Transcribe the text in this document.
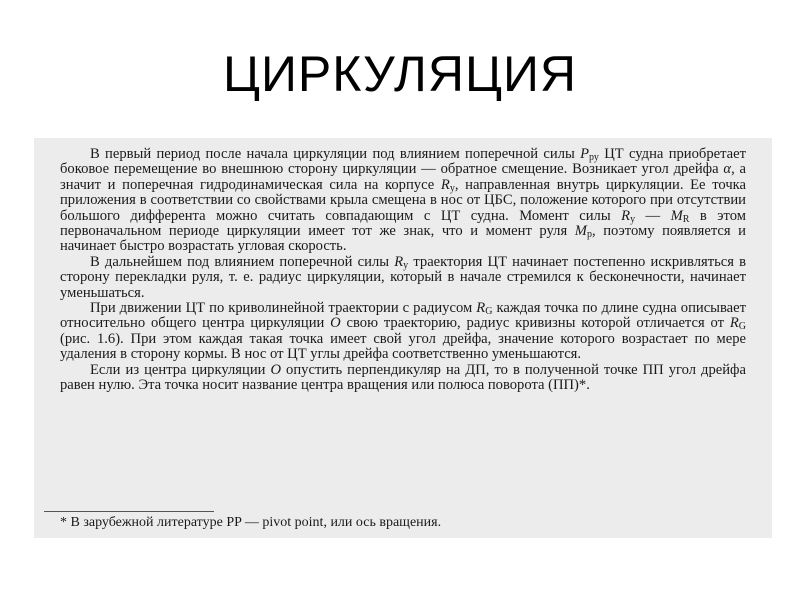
ЦИРКУЛЯЦИЯ

В первый период после начала циркуляции под влиянием поперечной силы $P_{ру}$ ЦТ судна приобретает боковое перемещение во внешнюю сторону циркуляции — обратное смещение. Возникает угол дрейфа α, а значит и поперечная гидродинамическая сила на корпусе $R_у$, направленная внутрь циркуляции. Ее точка приложения в соответствии со свойствами крыла смещена в нос от ЦБС, положение которого при отсутствии большого дифферента можно считать совпадающим с ЦТ судна. Момент силы $R_у$ — $M_R$ в этом первоначальном периоде циркуляции имеет тот же знак, что и момент руля $M_р$, поэтому появляется и начинает быстро возрастать угловая скорость.

В дальнейшем под влиянием поперечной силы $R_у$ траектория ЦТ начинает постепенно искривляться в сторону перекладки руля, т. е. радиус циркуляции, который в начале стремился к бесконечности, начинает уменьшаться.

При движении ЦТ по криволинейной траектории с радиусом $R_G$ каждая точка по длине судна описывает относительно общего центра циркуляции O свою траекторию, радиус кривизны которой отличается от $R_G$ (рис. 1.6). При этом каждая такая точка имеет свой угол дрейфа, значение которого возрастает по мере удаления в сторону кормы. В нос от ЦТ углы дрейфа соответственно уменьшаются.

Если из центра циркуляции O опустить перпендикуляр на ДП, то в полученной точке ПП угол дрейфа равен нулю. Эта точка носит название центра вращения или полюса поворота (ПП)*.

* В зарубежной литературе PP — pivot point, или ось вращения.
